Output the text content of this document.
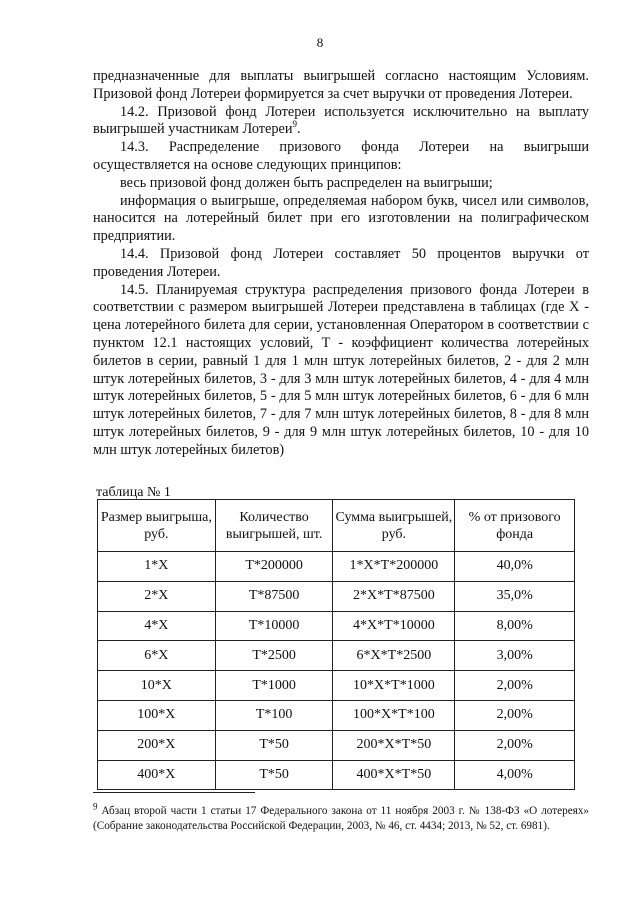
8

предназначенные для выплаты выигрышей согласно настоящим Условиям. Призовой фонд Лотереи формируется за счет выручки от проведения Лотереи.

14.2. Призовой фонд Лотереи используется исключительно на выплату выигрышей участникам Лотереи$^9$.

14.3. Распределение призового фонда Лотереи на выигрыши осуществляется на основе следующих принципов:

весь призовой фонд должен быть распределен на выигрыши;

информация о выигрыше, определяемая набором букв, чисел или символов, наносится на лотерейный билет при его изготовлении на полиграфическом предприятии.

14.4. Призовой фонд Лотереи составляет 50 процентов выручки от проведения Лотереи.

14.5. Планируемая структура распределения призового фонда Лотереи в соответствии с размером выигрышей Лотереи представлена в таблицах (где X - цена лотерейного билета для серии, установленная Оператором в соответствии с пунктом 12.1 настоящих условий, T - коэффициент количества лотерейных билетов в серии, равный 1 для 1 млн штук лотерейных билетов, 2 - для 2 млн штук лотерейных билетов, 3 - для 3 млн штук лотерейных билетов, 4 - для 4 млн штук лотерейных билетов, 5 - для 5 млн штук лотерейных билетов, 6 - для 6 млн штук лотерейных билетов, 7 - для 7 млн штук лотерейных билетов, 8 - для 8 млн штук лотерейных билетов, 9 - для 9 млн штук лотерейных билетов, 10 - для 10 млн штук лотерейных билетов)

таблица № 1
Размер выигрыша, руб.	Количество выигрышей, шт.	Сумма выигрышей, руб.	% от призового фонда
1*X	T*200000	1*X*T*200000	40,0%
2*X	T*87500	2*X*T*87500	35,0%
4*X	T*10000	4*X*T*10000	8,00%
6*X	T*2500	6*X*T*2500	3,00%
10*X	T*1000	10*X*T*1000	2,00%
100*X	T*100	100*X*T*100	2,00%
200*X	T*50	200*X*T*50	2,00%
400*X	T*50	400*X*T*50	4,00%

$^9$ Абзац второй части 1 статьи 17 Федерального закона от 11 ноября 2003 г. № 138-ФЗ «О лотереях» (Собрание законодательства Российской Федерации, 2003, № 46, ст. 4434; 2013, № 52, ст. 6981).
